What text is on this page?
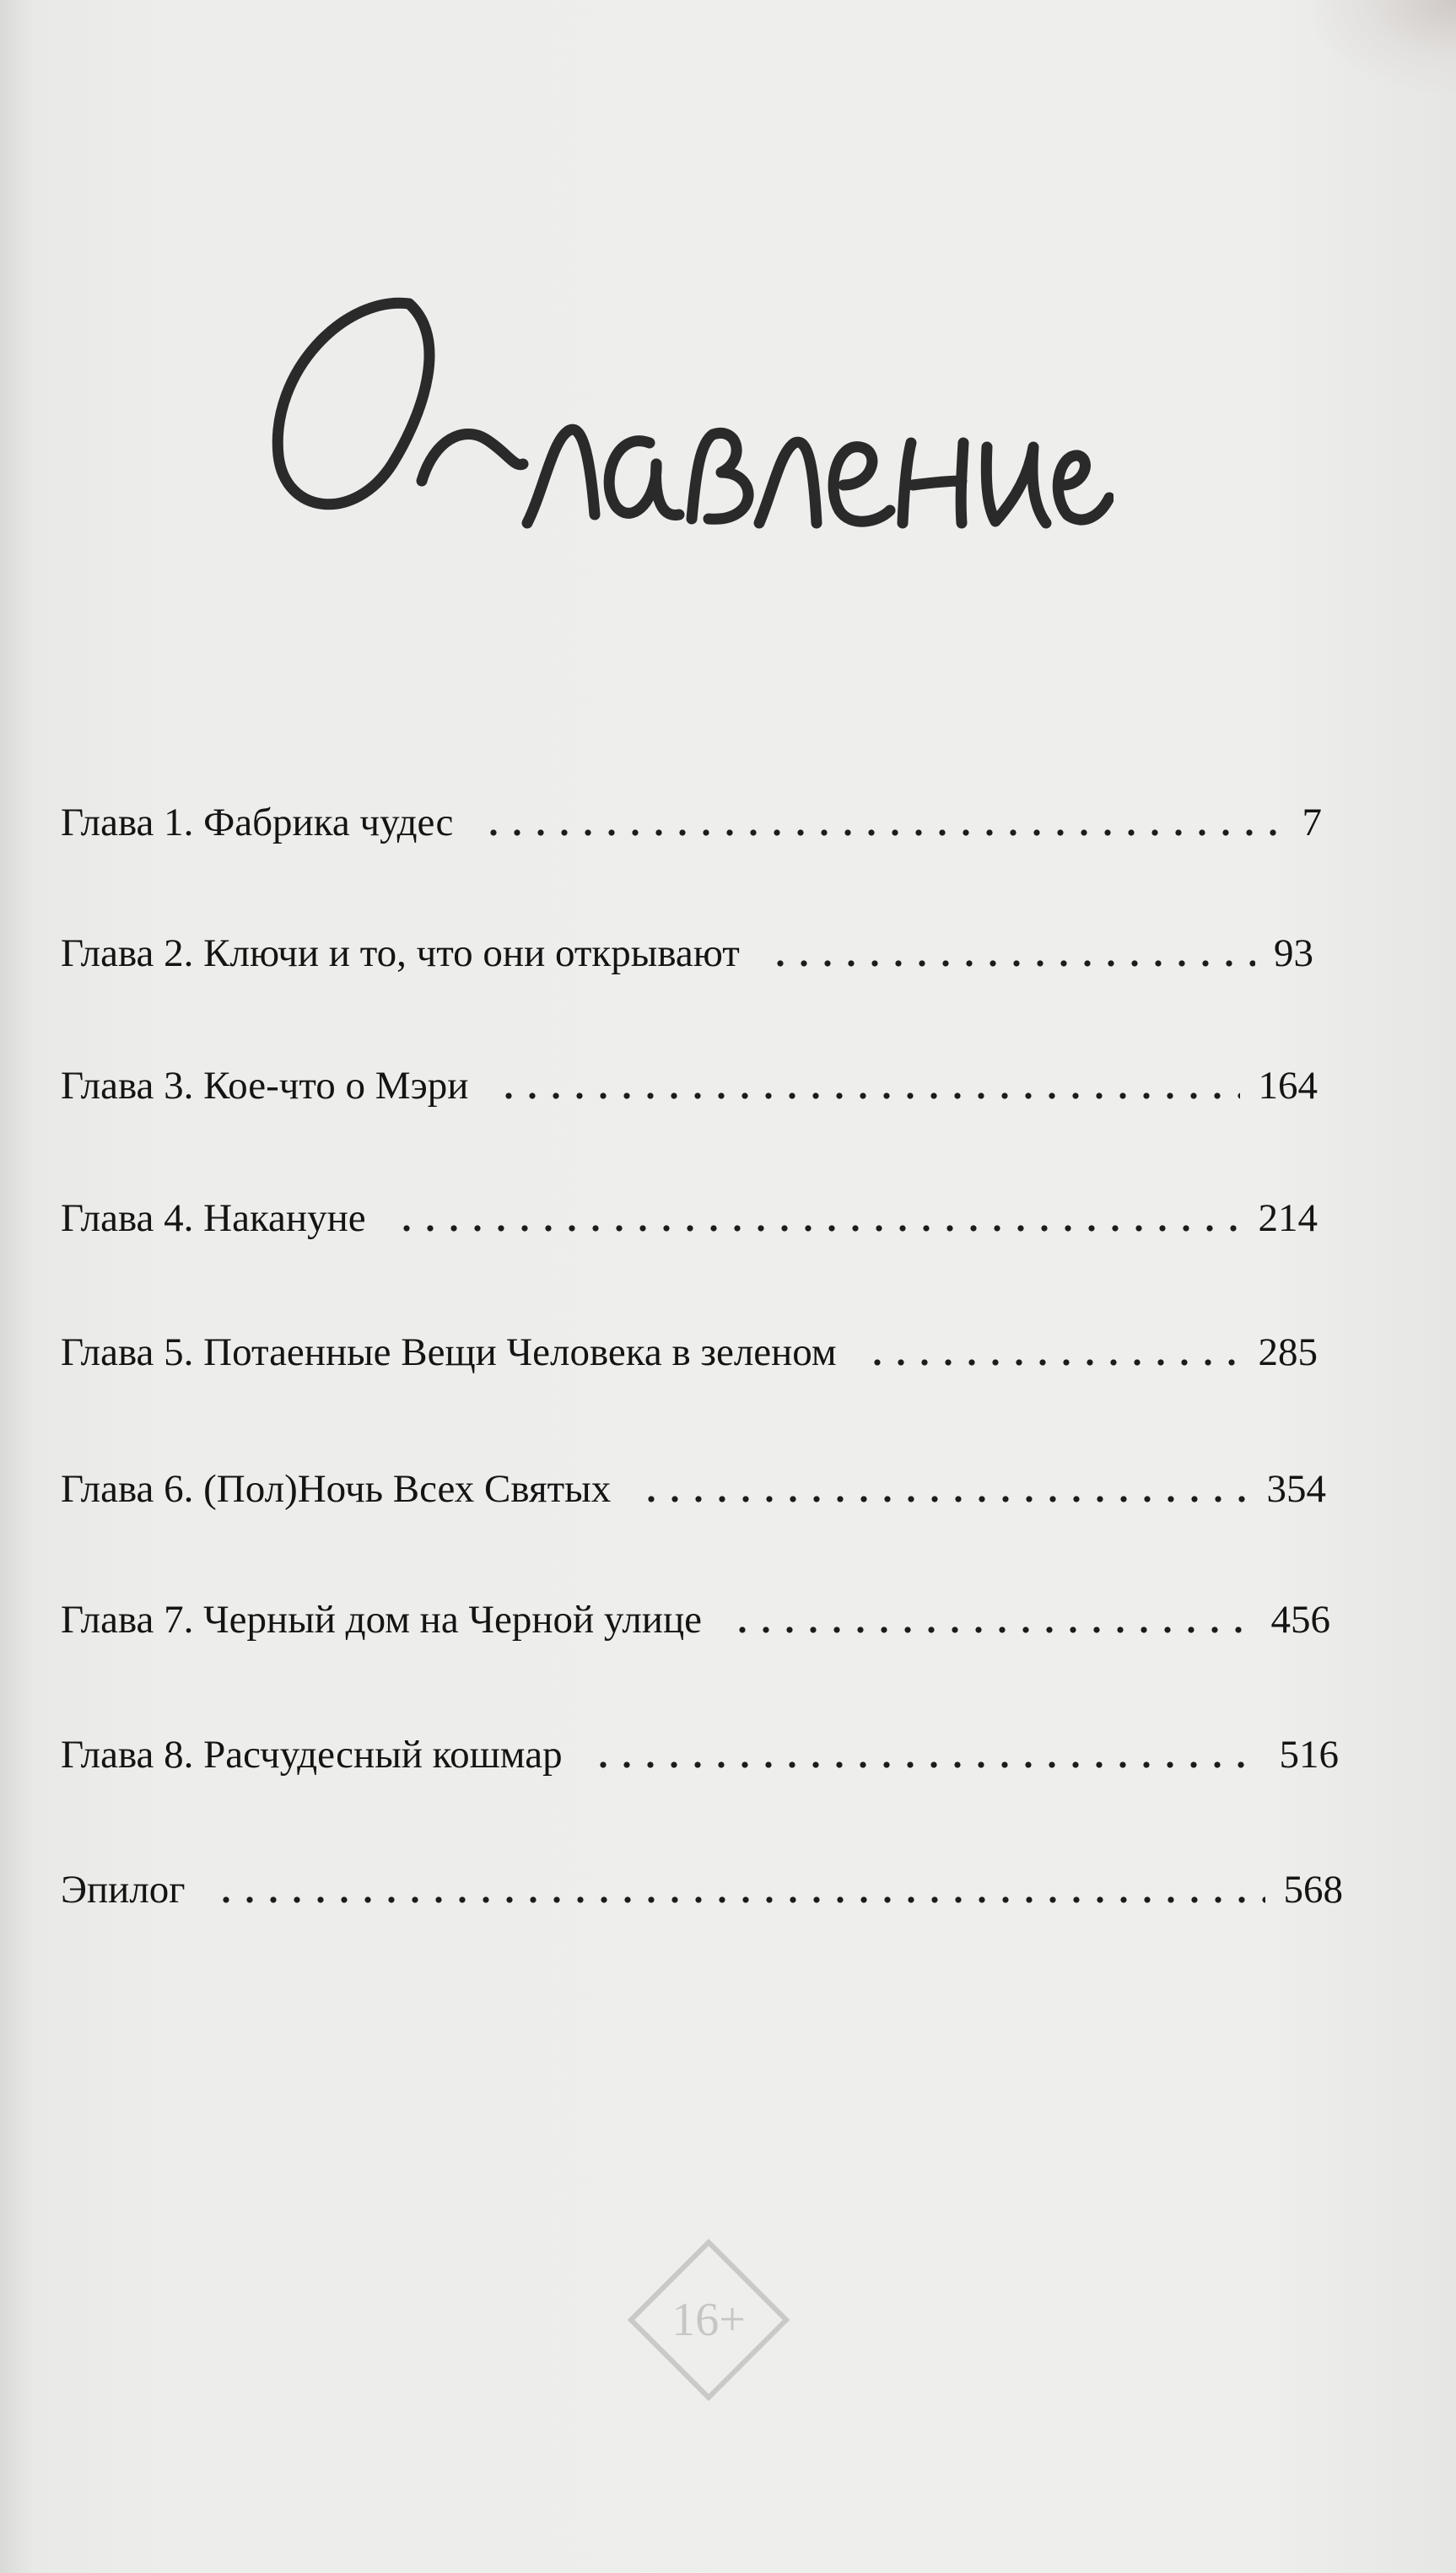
Оглавление
Глава 1. Фабрика чудес	7
Глава 2. Ключи и то, что они открывают	93
Глава 3. Кое-что о Мэри	164
Глава 4. Накануне	214
Глава 5. Потаенные Вещи Человека в зеленом	285
Глава 6. (Пол)Ночь Всех Святых	354
Глава 7. Черный дом на Черной улице	456
Глава 8. Расчудесный кошмар	516
Эпилог	568
16+
